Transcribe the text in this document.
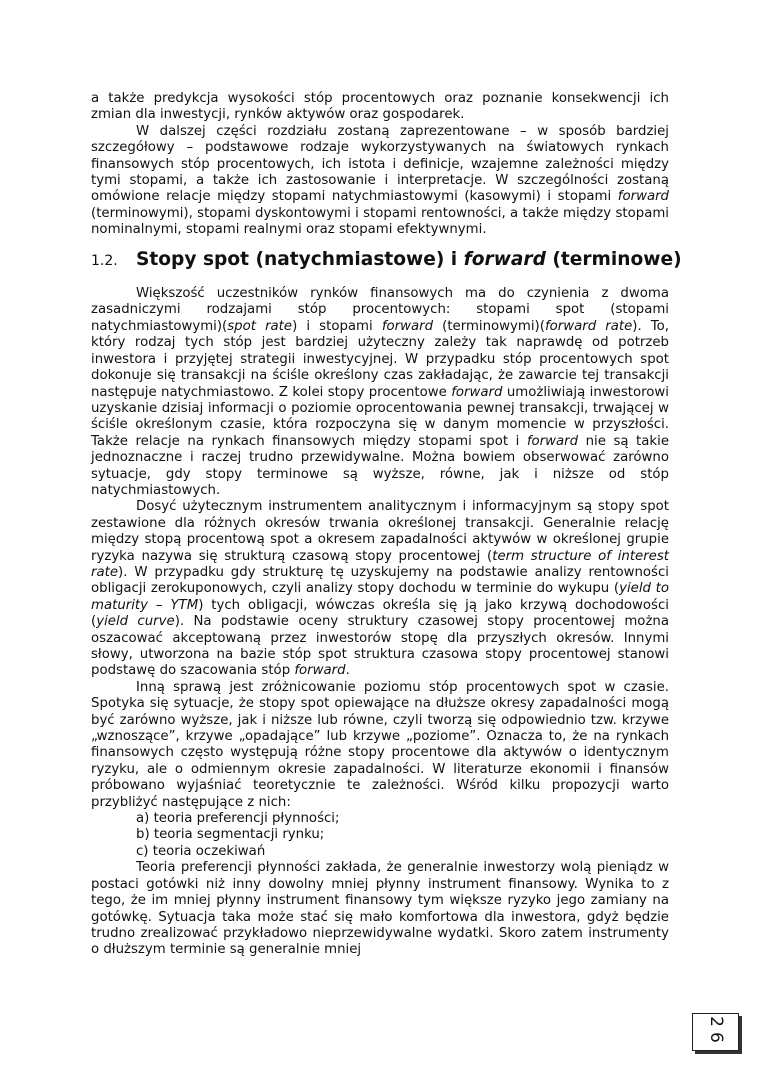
a także predykcja wysokości stóp procentowych oraz poznanie konsekwencji ich zmian dla inwestycji, rynków aktywów oraz gospodarek.

W dalszej części rozdziału zostaną zaprezentowane – w sposób bardziej szczegółowy – podstawowe rodzaje wykorzystywanych na światowych rynkach finansowych stóp procentowych, ich istota i definicje, wzajemne zależności między tymi stopami, a także ich zastosowanie i interpretacje. W szczególności zostaną omówione relacje między stopami natychmiastowymi (kasowymi) i stopami forward (terminowymi), stopami dyskontowymi i stopami rentowności, a także między stopami nominalnymi, stopami realnymi oraz stopami efektywnymi.

1.2. Stopy spot (natychmiastowe) i forward (terminowe)

Większość uczestników rynków finansowych ma do czynienia z dwoma zasadniczymi rodzajami stóp procentowych: stopami spot (stopami natychmiastowymi)(spot rate) i stopami forward (terminowymi)(forward rate). To, który rodzaj tych stóp jest bardziej użyteczny zależy tak naprawdę od potrzeb inwestora i przyjętej strategii inwestycyjnej. W przypadku stóp procentowych spot dokonuje się transakcji na ściśle określony czas zakładając, że zawarcie tej transakcji następuje natychmiastowo. Z kolei stopy procentowe forward umożliwiają inwestorowi uzyskanie dzisiaj informacji o poziomie oprocentowania pewnej transakcji, trwającej w ściśle określonym czasie, która rozpoczyna się w danym momencie w przyszłości. Także relacje na rynkach finansowych między stopami spot i forward nie są takie jednoznaczne i raczej trudno przewidywalne. Można bowiem obserwować zarówno sytuacje, gdy stopy terminowe są wyższe, równe, jak i niższe od stóp natychmiastowych.

Dosyć użytecznym instrumentem analitycznym i informacyjnym są stopy spot zestawione dla różnych okresów trwania określonej transakcji. Generalnie relację między stopą procentową spot a okresem zapadalności aktywów w określonej grupie ryzyka nazywa się strukturą czasową stopy procentowej (term structure of interest rate). W przypadku gdy strukturę tę uzyskujemy na podstawie analizy rentowności obligacji zerokuponowych, czyli analizy stopy dochodu w terminie do wykupu (yield to maturity – YTM) tych obligacji, wówczas określa się ją jako krzywą dochodowości (yield curve). Na podstawie oceny struktury czasowej stopy procentowej można oszacować akceptowaną przez inwestorów stopę dla przyszłych okresów. Innymi słowy, utworzona na bazie stóp spot struktura czasowa stopy procentowej stanowi podstawę do szacowania stóp forward.

Inną sprawą jest zróżnicowanie poziomu stóp procentowych spot w czasie. Spotyka się sytuacje, że stopy spot opiewające na dłuższe okresy zapadalności mogą być zarówno wyższe, jak i niższe lub równe, czyli tworzą się odpowiednio tzw. krzywe „wznoszące”, krzywe „opadające” lub krzywe „poziome”. Oznacza to, że na rynkach finansowych często występują różne stopy procentowe dla aktywów o identycznym ryzyku, ale o odmiennym okresie zapadalności. W literaturze ekonomii i finansów próbowano wyjaśniać teoretycznie te zależności. Wśród kilku propozycji warto przybliżyć następujące z nich:

a) teoria preferencji płynności;

b) teoria segmentacji rynku;

c) teoria oczekiwań

Teoria preferencji płynności zakłada, że generalnie inwestorzy wolą pieniądz w postaci gotówki niż inny dowolny mniej płynny instrument finansowy. Wynika to z tego, że im mniej płynny instrument finansowy tym większe ryzyko jego zamiany na gotówkę. Sytuacja taka może stać się mało komfortowa dla inwestora, gdyż będzie trudno zrealizować przykładowo nieprzewidywalne wydatki. Skoro zatem instrumenty o dłuższym terminie są generalnie mniej

26
